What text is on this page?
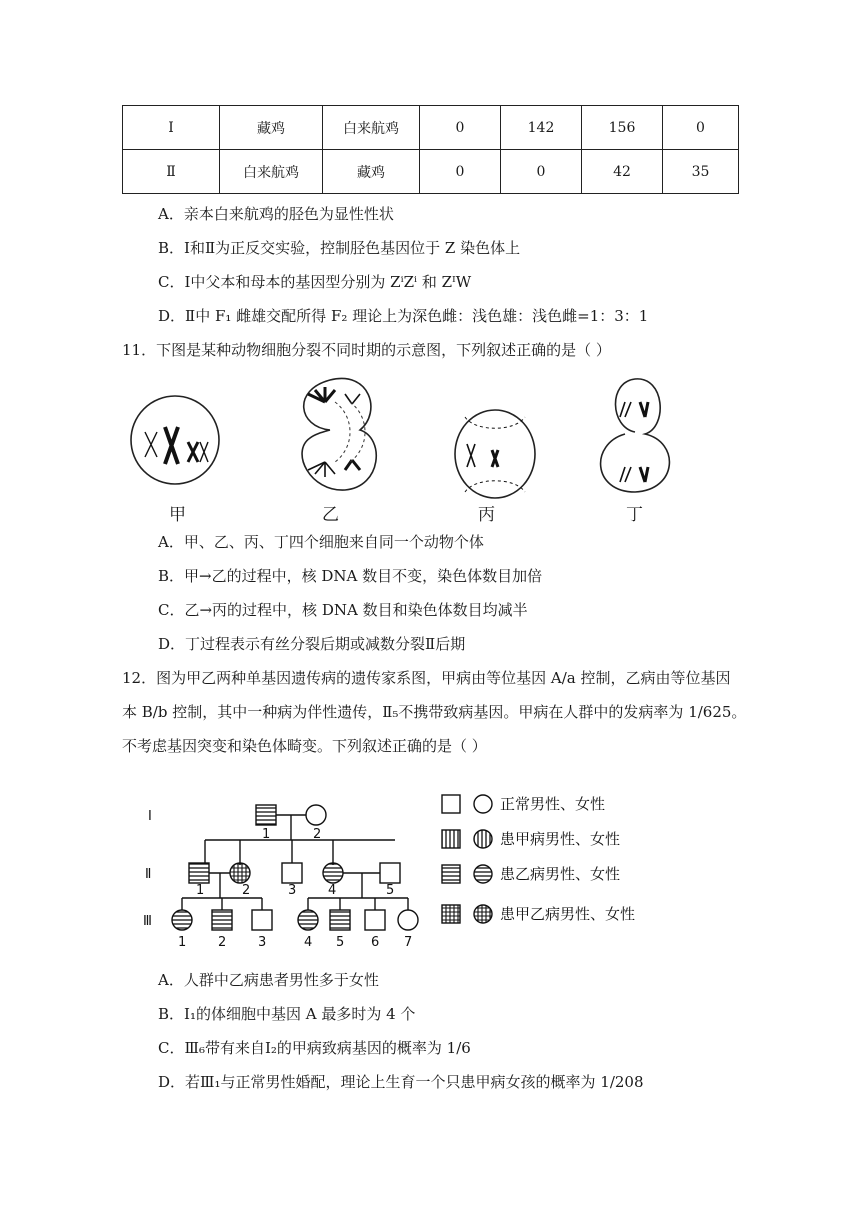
Ⅰ	藏鸡	白来航鸡	0	142	156	0
Ⅱ	白来航鸡	藏鸡	0	0	42	35
A．亲本白来航鸡的胫色为显性性状
B．Ⅰ和Ⅱ为正反交实验，控制胫色基因位于 Z 染色体上
C．Ⅰ中父本和母本的基因型分别为 ZⁱZⁱ 和 ZᴵW
D．Ⅱ中 F₁ 雌雄交配所得 F₂ 理论上为深色雌：浅色雄：浅色雌=1：3：1
11．下图是某种动物细胞分裂不同时期的示意图，下列叙述正确的是（ ）
甲	乙	丙	丁
A．甲、乙、丙、丁四个细胞来自同一个动物个体
B．甲→乙的过程中，核 DNA 数目不变，染色体数目加倍
C．乙→丙的过程中，核 DNA 数目和染色体数目均减半
D．丁过程表示有丝分裂后期或减数分裂Ⅱ后期
12．图为甲乙两种单基因遗传病的遗传家系图，甲病由等位基因 A/a 控制，乙病由等位基因
本 B/b 控制，其中一种病为伴性遗传，Ⅱ₅不携带致病基因。甲病在人群中的发病率为 1/625。
不考虑基因突变和染色体畸变。下列叙述正确的是（ ）
Ⅰ
Ⅱ
Ⅲ
1	2
1	2	3 4	5
1 2 3	4 5 6 7
正常男性、女性
患甲病男性、女性
患乙病男性、女性
患甲乙病男性、女性
A．人群中乙病患者男性多于女性
B．Ⅰ₁的体细胞中基因 A 最多时为 4 个
C．Ⅲ₆带有来自Ⅰ₂的甲病致病基因的概率为 1/6
D．若Ⅲ₁与正常男性婚配，理论上生育一个只患甲病女孩的概率为 1/208
